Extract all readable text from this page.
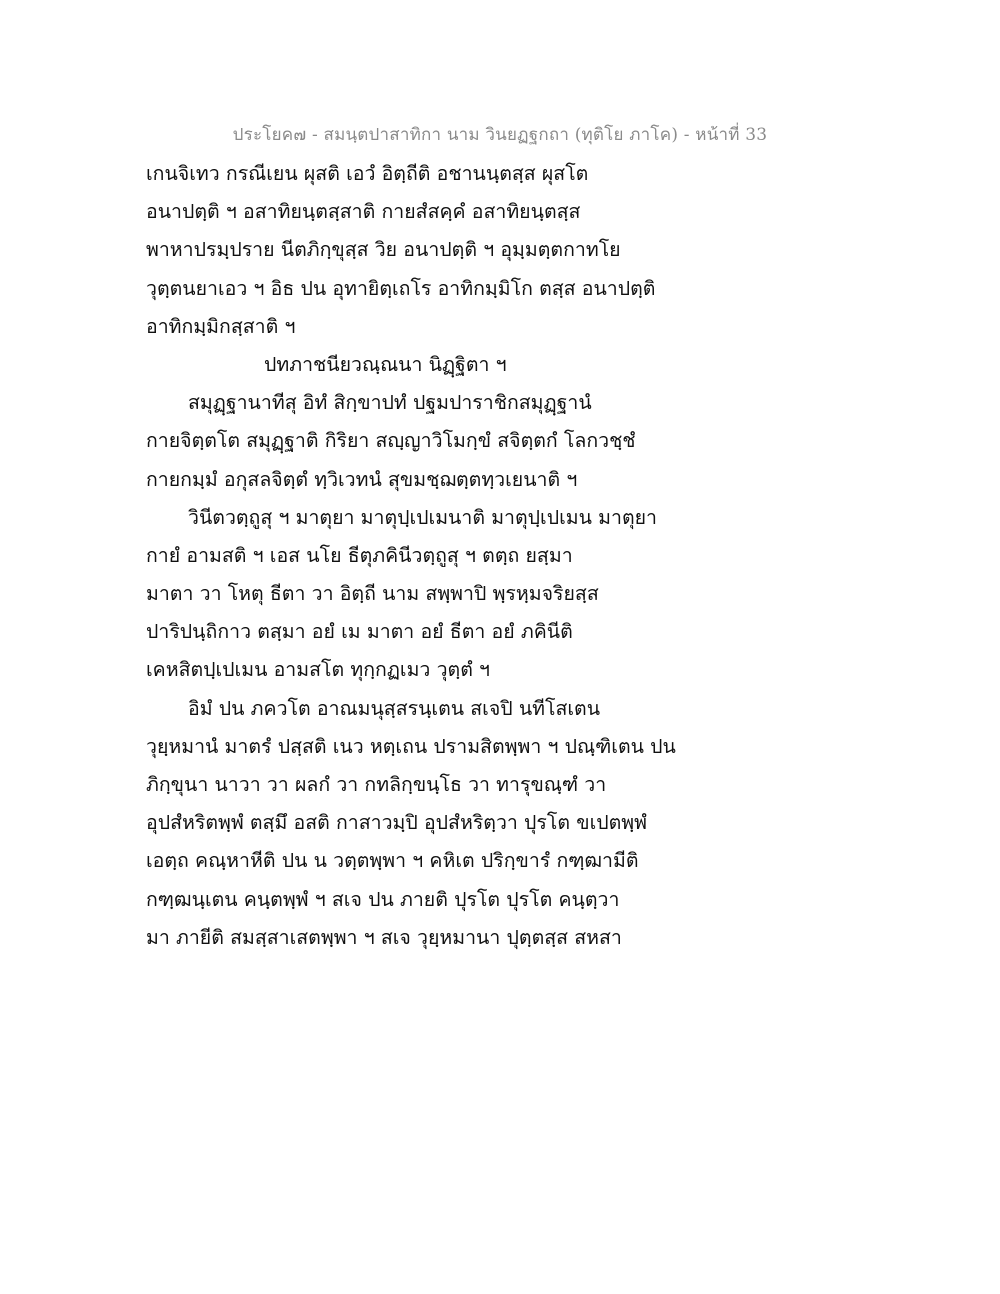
ประโยค๗ - สมนฺตปาสาทิกา นาม วินยฏฐกถา (ทุติโย ภาโค) - หน้าที่ 33
เกนจิเทว กรณีเยน ผุสติ เอวํ อิตฺถีติ อชานนฺตสฺส ผุสโต
อนาปตฺติ ฯ อสาทิยนฺตสฺสาติ กายสํสคฺคํ อสาทิยนฺตสฺส
พาหาปรมฺปราย นีตภิกฺขุสฺส วิย อนาปตฺติ ฯ อุมฺมตฺตกาทโย
วุตฺตนยาเอว ฯ อิธ ปน อุทายิตฺเถโร อาทิกมฺมิโก ตสฺส อนาปตฺติ
อาทิกมฺมิกสฺสาติ ฯ
ปทภาชนียวณฺณนา นิฏฺฐิตา ฯ
สมุฏฺฐานาทีสุ อิทํ สิกฺขาปทํ ปฐมปาราชิกสมุฏฺฐานํ
กายจิตฺตโต สมุฏฺฐาติ กิริยา สญฺญาวิโมกฺขํ สจิตฺตกํ โลกวชฺชํ
กายกมฺมํ อกุสลจิตฺตํ ทฺวิเวทนํ สุขมชฺฌตฺตทฺวเยนาติ ฯ
วินีตวตฺถูสุ ฯ มาตุยา มาตุปฺเปเมนาติ มาตุปฺเปเมน มาตุยา
กายํ อามสติ ฯ เอส นโย ธีตุภคินีวตฺถูสุ ฯ ตตฺถ ยสฺมา
มาตา วา โหตุ ธีตา วา อิตฺถี นาม สพฺพาปิ พฺรหฺมจริยสฺส
ปาริปนฺถิกาว ตสฺมา อยํ เม มาตา อยํ ธีตา อยํ ภคินีติ
เคหสิตปฺเปเมน อามสโต ทุกฺกฏเมว วุตฺตํ ฯ
อิมํ ปน ภควโต อาณมนุสฺสรนฺเตน สเจปิ นทีโสเตน
วุยฺหมานํ มาตรํ ปสฺสติ เนว หตฺเถน ปรามสิตพฺพา ฯ ปณฺฑิเตน ปน
ภิกฺขุนา นาวา วา ผลกํ วา กทลิกฺขนฺโธ วา ทารุขณฺฑํ วา
อุปสํหริตพฺพํ ตสฺมึ อสติ กาสาวมฺปิ อุปสํหริตฺวา ปุรโต ขเปตพฺพํ
เอตฺถ คณฺหาหีติ ปน น วตฺตพฺพา ฯ คหิเต ปริกฺขารํ กฑฺฒามีติ
กฑฺฒนฺเตน คนฺตพฺพํ ฯ สเจ ปน ภายติ ปุรโต ปุรโต คนฺตฺวา
มา ภายีติ สมสฺสาเสตพฺพา ฯ สเจ วุยฺหมานา ปุตฺตสฺส สหสา
